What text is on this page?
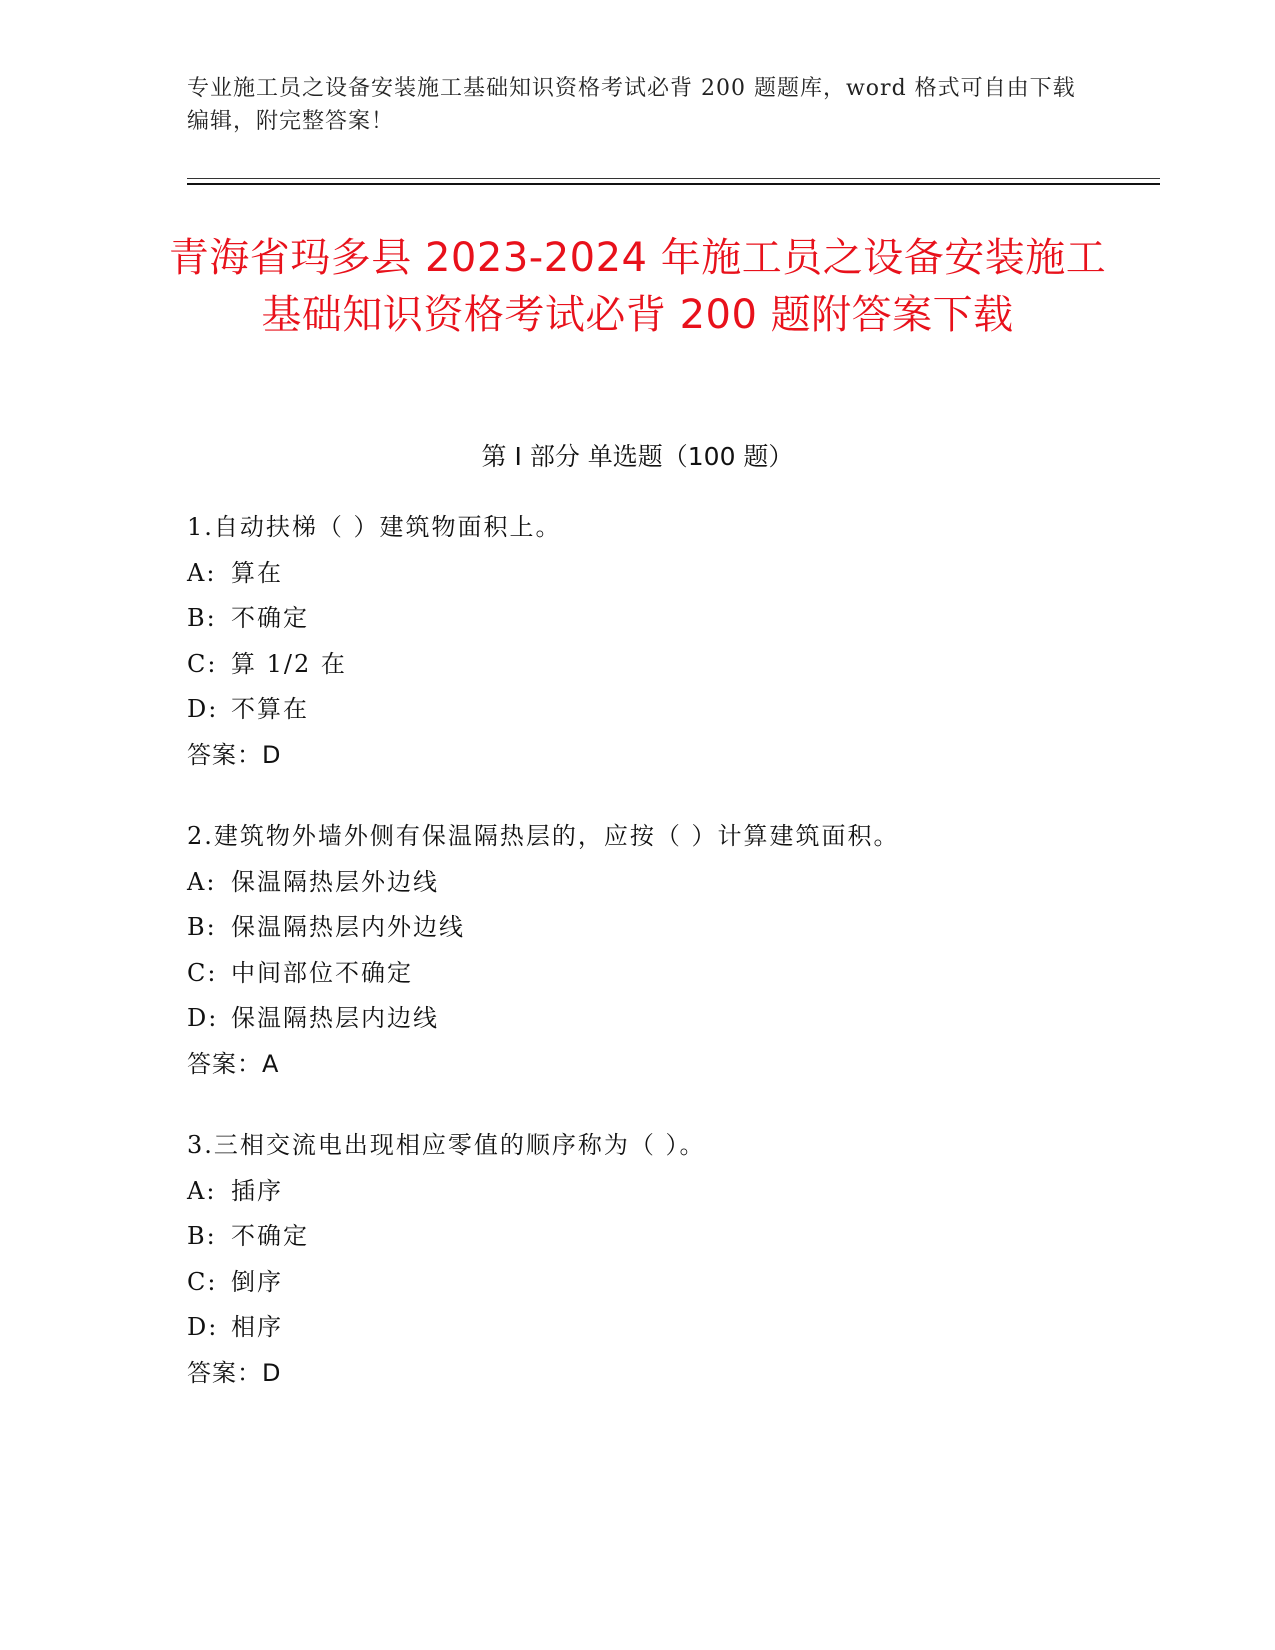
专业施工员之设备安装施工基础知识资格考试必背 200 题题库，word 格式可自由下载编辑，附完整答案！
青海省玛多县 2023-2024 年施工员之设备安装施工基础知识资格考试必背 200 题附答案下载
第 I 部分 单选题（100 题）
1.自动扶梯（ ）建筑物面积上。
A: 算在
B: 不确定
C: 算 1/2 在
D: 不算在
答案：D
2.建筑物外墙外侧有保温隔热层的，应按（ ）计算建筑面积。
A: 保温隔热层外边线
B: 保温隔热层内外边线
C: 中间部位不确定
D: 保温隔热层内边线
答案：A
3.三相交流电出现相应零值的顺序称为（ ）。
A: 插序
B: 不确定
C: 倒序
D: 相序
答案：D
